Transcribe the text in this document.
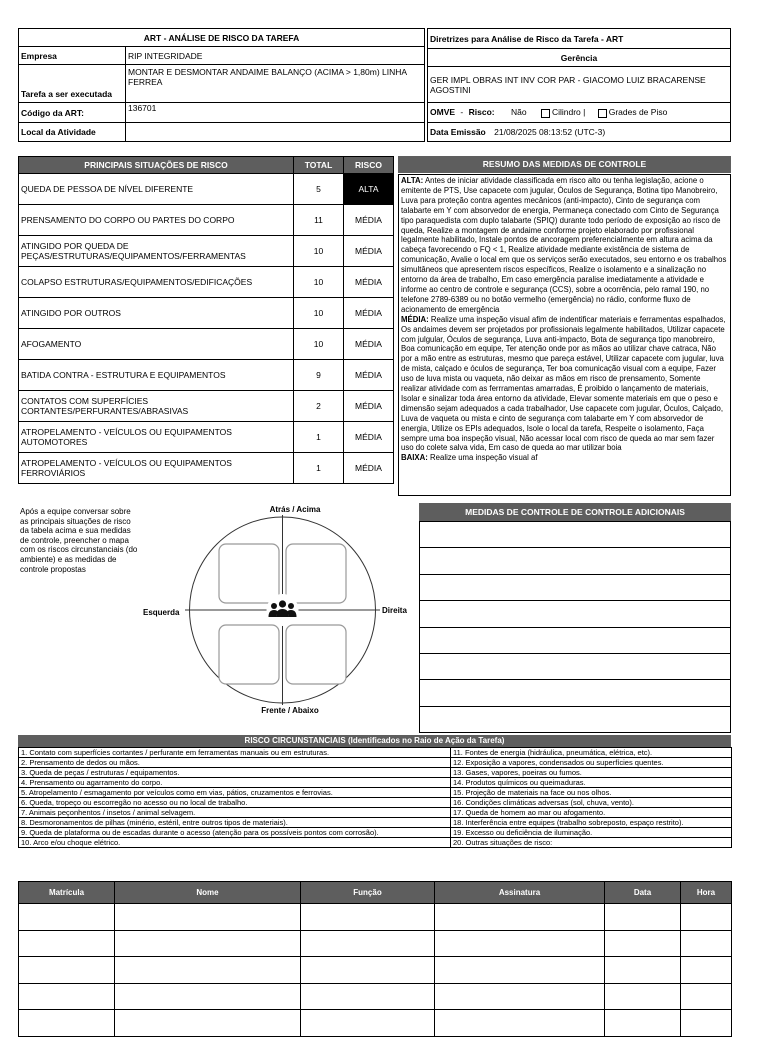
ART - ANÁLISE DE RISCO DA TAREFA	
Empresa	RIP INTEGRIDADE
Tarefa a ser executada	MONTAR E DESMONTAR ANDAIME BALANÇO (ACIMA > 1,80m) LINHA FERREA
Código da ART:	136701
Local da Atividade	
Diretrizes para Análise de Risco da Tarefa - ART
Gerência
GER IMPL OBRAS INT INV COR PAR - GIACOMO LUIZ BRACARENSE AGOSTINI
OMVE - Risco: Não	Cilindro |	Grades de Piso
Data Emissão 21/08/2025 08:13:52 (UTC-3)
PRINCIPAIS SITUAÇÕES DE RISCO	TOTAL	RISCO
QUEDA DE PESSOA DE NÍVEL DIFERENTE	5	ALTA
PRENSAMENTO DO CORPO OU PARTES DO CORPO	11	MÉDIA
ATINGIDO POR QUEDA DE PEÇAS/ESTRUTURAS/EQUIPAMENTOS/FERRAMENTAS	10	MÉDIA
COLAPSO ESTRUTURAS/EQUIPAMENTOS/EDIFICAÇÕES	10	MÉDIA
ATINGIDO POR OUTROS	10	MÉDIA
AFOGAMENTO	10	MÉDIA
BATIDA CONTRA - ESTRUTURA E EQUIPAMENTOS	9	MÉDIA
CONTATOS COM SUPERFÍCIES CORTANTES/PERFURANTES/ABRASIVAS	2	MÉDIA
ATROPELAMENTO - VEÍCULOS OU EQUIPAMENTOS AUTOMOTORES	1	MÉDIA
ATROPELAMENTO - VEÍCULOS OU EQUIPAMENTOS FERROVIÁRIOS	1	MÉDIA
RESUMO DAS MEDIDAS DE CONTROLE
ALTA: Antes de iniciar atividade classificada em risco alto ou tenha legislação, acione o emitente de PTS, Use capacete com jugular, Óculos de Segurança, Botina tipo Manobreiro, Luva para proteção contra agentes mecânicos (anti-impacto), Cinto de segurança com talabarte em Y com absorvedor de energia, Permaneça conectado com Cinto de Segurança tipo paraquedista com duplo talabarte (SPIQ) durante todo período de exposição ao risco de queda, Realize a montagem de andaime conforme projeto elaborado por profissional legalmente habilitado, Instale pontos de ancoragem preferencialmente em altura acima da cabeça favorecendo o FQ < 1, Realize atividade mediante existência de sistema de comunicação, Avalie o local em que os serviços serão executados, seu entorno e os trabalhos simultâneos que apresentem riscos específicos, Realize o isolamento e a sinalização no entorno da área de trabalho, Em caso emergência paralise imediatamente a atividade e informe ao centro de controle e segurança (CCS), sobre a ocorrência, pelo ramal 190, no telefone 2789-6389 ou no botão vermelho (emergência) no rádio, conforme fluxo de acionamento de emergência
MÉDIA: Realize uma inspeção visual afim de indentificar materiais e ferramentas espalhados, Os andaimes devem ser projetados por profissionais legalmente habilitados, Utilizar capacete com julgular, Óculos de segurança, Luva anti-impacto, Bota de segurança tipo manobreiro, Boa comunicação em equipe, Ter atenção onde por as mãos ao utilizar chave catraca, Não por a mão entre as estruturas, mesmo que pareça estável, Utilizar capacete com jugular, luva de mista, calçado e óculos de segurança, Ter boa comunicação visual com a equipe, Fazer uso de luva mista ou vaqueta, não deixar as mãos em risco de prensamento, Somente realizar atividade com as ferrramentas amarradas, É proibido o lançamento de materiais, Isolar e sinalizar toda área entorno da atividade, Elevar somente materiais em que o peso e dimensão sejam adequados a cada trabalhador, Use capacete com jugular, Óculos, Calçado, Luva de vaqueta ou mista e cinto de segurança com talabarte em Y com absorvedor de energia, Utilize os EPIs adequados, Isole o local da tarefa, Respeite o isolamento, Faça sempre uma boa inspeção visual, Não acessar local com risco de queda ao mar sem fazer uso do colete salva vida, Em caso de queda ao mar utilizar boia
BAIXA: Realize uma inspeção visual af
Após a equipe conversar sobre as principais situações de risco da tabela acima e sua medidas de controle, preencher o mapa com os riscos circunstanciais (do ambiente) e as medidas de controle propostas
Atrás / Acima
Frente / Abaixo
Esquerda	Direita
MEDIDAS DE CONTROLE DE CONTROLE ADICIONAIS

RISCO CIRCUNSTANCIAIS (Identificados no Raio de Ação da Tarefa)
1. Contato com superfícies cortantes / perfurante em ferramentas manuais ou em estruturas.	11. Fontes de energia (hidráulica, pneumática, elétrica, etc).
2. Prensamento de dedos ou mãos.	12. Exposição a vapores, condensados ou superfícies quentes.
3. Queda de peças / estruturas / equipamentos.	13. Gases, vapores, poeiras ou fumos.
4. Prensamento ou agarramento do corpo.	14. Produtos químicos ou queimaduras.
5. Atropelamento / esmagamento por veículos como em vias, pátios, cruzamentos e ferrovias.	15. Projeção de materiais na face ou nos olhos.
6. Queda, tropeço ou escorregão no acesso ou no local de trabalho.	16. Condições climáticas adversas (sol, chuva, vento).
7. Animais peçonhentos / insetos / animal selvagem.	17. Queda de homem ao mar ou afogamento.
8. Desmoronamentos de pilhas (minério, estéril, entre outros tipos de materiais).	18. Interferência entre equipes (trabalho sobreposto, espaço restrito).
9. Queda de plataforma ou de escadas durante o acesso (atenção para os possíveis pontos com corrosão).	19. Excesso ou deficiência de iluminação.
10. Arco e/ou choque elétrico.	20. Outras situações de risco:
Matrícula	Nome	Função	Assinatura	Data	Hora
